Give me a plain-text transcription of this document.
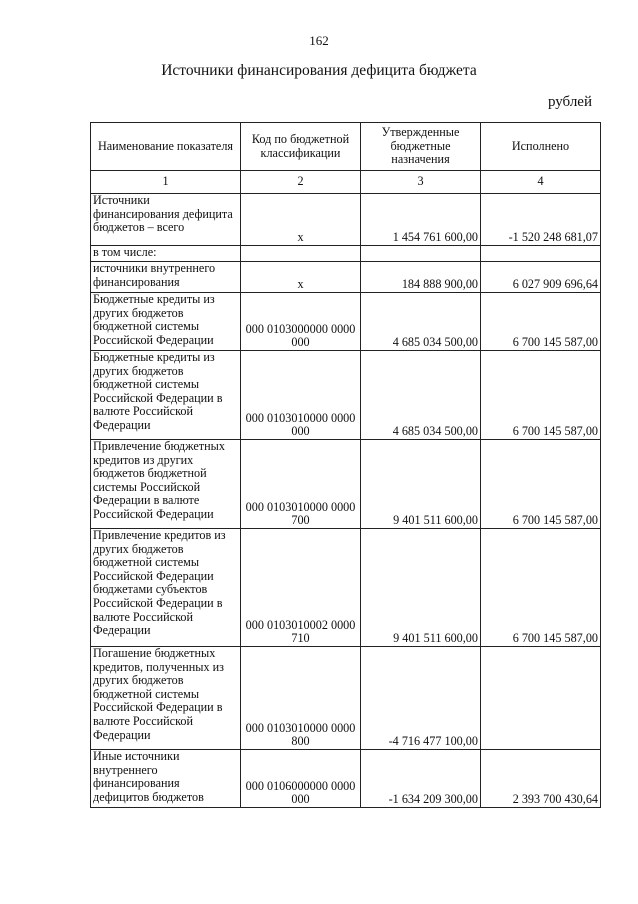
162
Источники финансирования дефицита бюджета
рублей
Наименование показателя	Код по бюджетной классификации	Утвержденные бюджетные назначения	Исполнено
1	2	3	4
Источники финансирования дефицита бюджетов – всего	х	1 454 761 600,00	-1 520 248 681,07
в том числе:			
источники внутреннего финансирования	х	184 888 900,00	6 027 909 696,64
Бюджетные кредиты из других бюджетов бюджетной системы Российской Федерации	000 0103000000 0000 000	4 685 034 500,00	6 700 145 587,00
Бюджетные кредиты из других бюджетов бюджетной системы Российской Федерации в валюте Российской Федерации	000 0103010000 0000 000	4 685 034 500,00	6 700 145 587,00
Привлечение бюджетных кредитов из других бюджетов бюджетной системы Российской Федерации в валюте Российской Федерации	000 0103010000 0000 700	9 401 511 600,00	6 700 145 587,00
Привлечение кредитов из других бюджетов бюджетной системы Российской Федерации бюджетами субъектов Российской Федерации в валюте Российской Федерации	000 0103010002 0000 710	9 401 511 600,00	6 700 145 587,00
Погашение бюджетных кредитов, полученных из других бюджетов бюджетной системы Российской Федерации в валюте Российской Федерации	000 0103010000 0000 800	-4 716 477 100,00	
Иные источники внутреннего финансирования дефицитов бюджетов	000 0106000000 0000 000	-1 634 209 300,00	2 393 700 430,64
